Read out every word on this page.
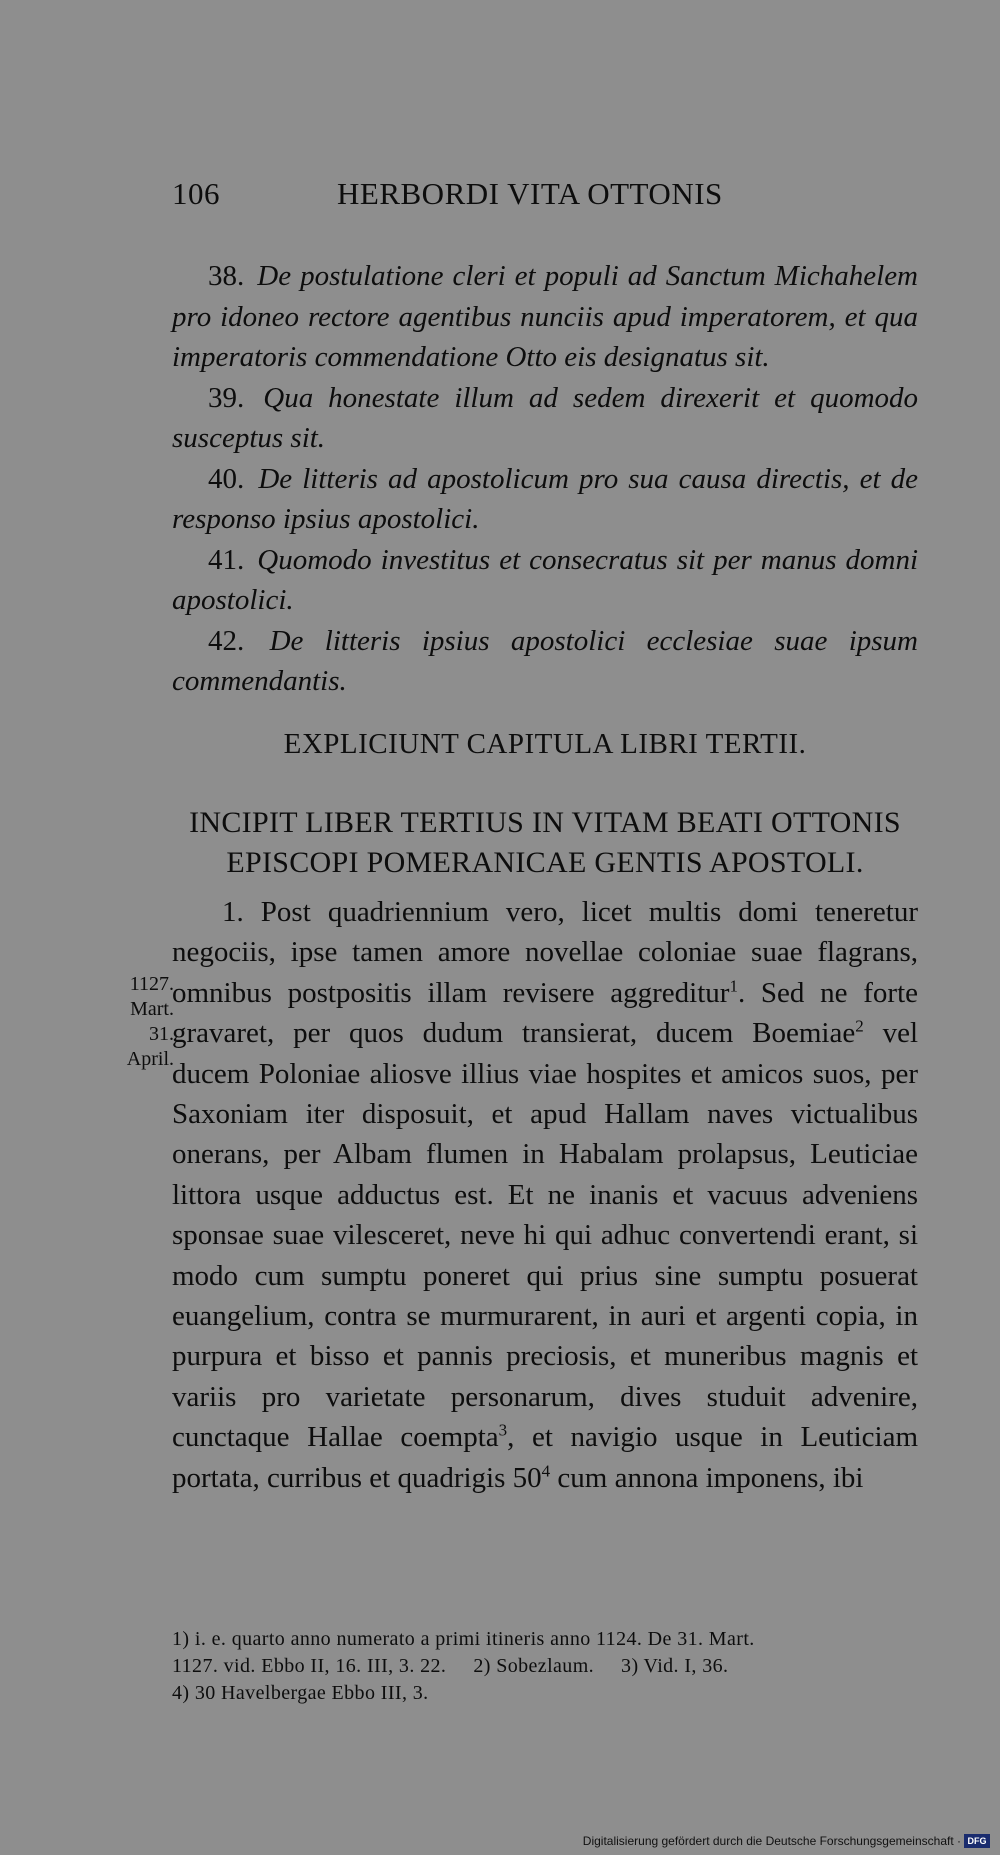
106	HERBORDI VITA OTTONIS

38. De postulatione cleri et populi ad Sanctum Michahelem pro idoneo rectore agentibus nunciis apud imperatorem, et qua imperatoris commendatione Otto eis designatus sit.

39. Qua honestate illum ad sedem direxerit et quomodo susceptus sit.

40. De litteris ad apostolicum pro sua causa directis, et de responso ipsius apostolici.

41. Quomodo investitus et consecratus sit per manus domni apostolici.

42. De litteris ipsius apostolici ecclesiae suae ipsum commendantis.

EXPLICIUNT CAPITULA LIBRI TERTII.
INCIPIT LIBER TERTIUS IN VITAM BEATI OTTONIS
EPISCOPI POMERANICAE GENTIS APOSTOLI.
1127.
Mart.
31.
April.

1. Post quadriennium vero, licet multis domi teneretur negociis, ipse tamen amore novellae coloniae suae flagrans, omnibus postpositis illam revisere aggreditur$^1$. Sed ne forte gravaret, per quos dudum transierat, ducem Boemiae$^2$ vel ducem Poloniae aliosve illius viae hospites et amicos suos, per Saxoniam iter disposuit, et apud Hallam naves victualibus onerans, per Albam flumen in Habalam prolapsus, Leuticiae littora usque adductus est. Et ne inanis et vacuus adveniens sponsae suae vilesceret, neve hi qui adhuc convertendi erant, si modo cum sumptu poneret qui prius sine sumptu posuerat euangelium, contra se murmurarent, in auri et argenti copia, in purpura et bisso et pannis preciosis, et muneribus magnis et variis pro varietate personarum, dives studuit advenire, cunctaque Hallae coempta$^3$, et navigio usque in Leuticiam portata, curribus et quadrigis $50^4$ cum annona imponens, ibi

1) i. e. quarto anno numerato a primi itineris anno 1124. De 31. Mart.
1127. vid. Ebbo II, 16. III, 3. 22.     2) Sobezlaum.     3) Vid. I, 36.
4) 30 Havelbergae Ebbo III, 3.
Digitalisierung gefördert durch die Deutsche Forschungsgemeinschaft · DFG
